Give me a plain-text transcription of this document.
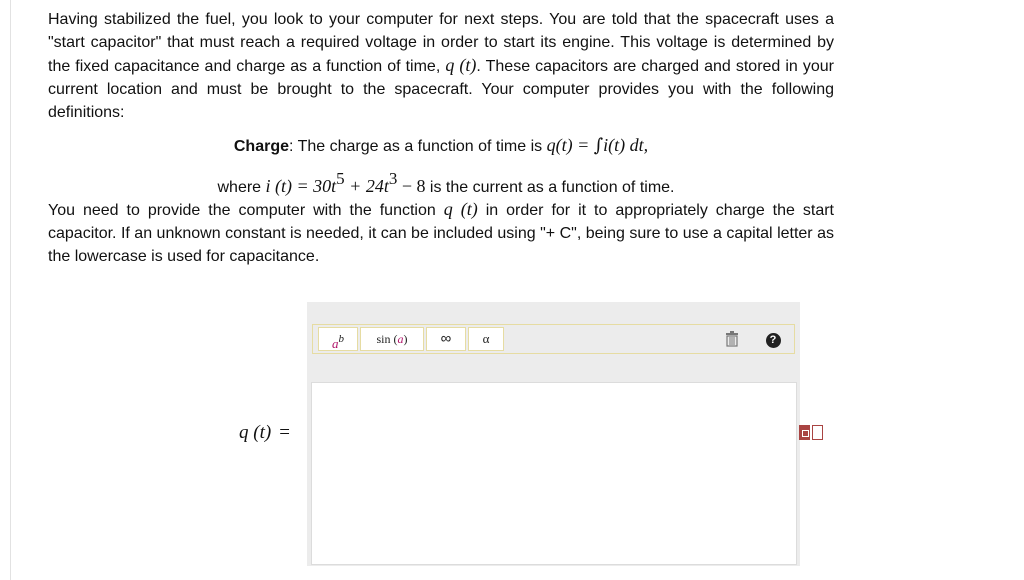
Having stabilized the fuel, you look to your computer for next steps. You are told that the spacecraft uses a "start capacitor" that must reach a required voltage in order to start its engine. This voltage is determined by the fixed capacitance and charge as a function of time, q (t). These capacitors are charged and stored in your current location and must be brought to the spacecraft. Your computer provides you with the following definitions:

Charge: The charge as a function of time is q(t) = ∫i(t) dt,

where i (t) = 30t5 + 24t3 − 8 is the current as a function of time.

You need to provide the computer with the function q (t) in order for it to appropriately charge the start capacitor. If an unknown constant is needed, it can be included using "+ C", being sure to use a capital letter as the lowercase is used for capacitance.

q (t) =
$a^b$	sin (a)	∞	α	?
